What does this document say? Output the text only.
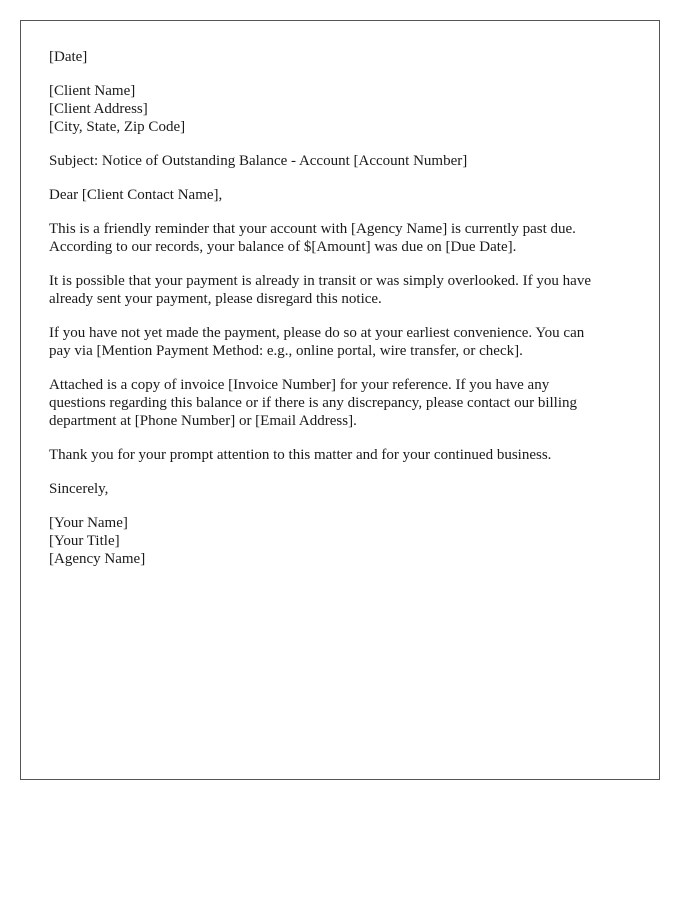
[Date]
[Client Name]
[Client Address]
[City, State, Zip Code]
Subject: Notice of Outstanding Balance - Account [Account Number]
Dear [Client Contact Name],

This is a friendly reminder that your account with [Agency Name] is currently past due.
According to our records, your balance of $[Amount] was due on [Due Date].

It is possible that your payment is already in transit or was simply overlooked. If you have
already sent your payment, please disregard this notice.

If you have not yet made the payment, please do so at your earliest convenience. You can
pay via [Mention Payment Method: e.g., online portal, wire transfer, or check].

Attached is a copy of invoice [Invoice Number] for your reference. If you have any
questions regarding this balance or if there is any discrepancy, please contact our billing
department at [Phone Number] or [Email Address].

Thank you for your prompt attention to this matter and for your continued business.

Sincerely,
[Your Name]
[Your Title]
[Agency Name]
